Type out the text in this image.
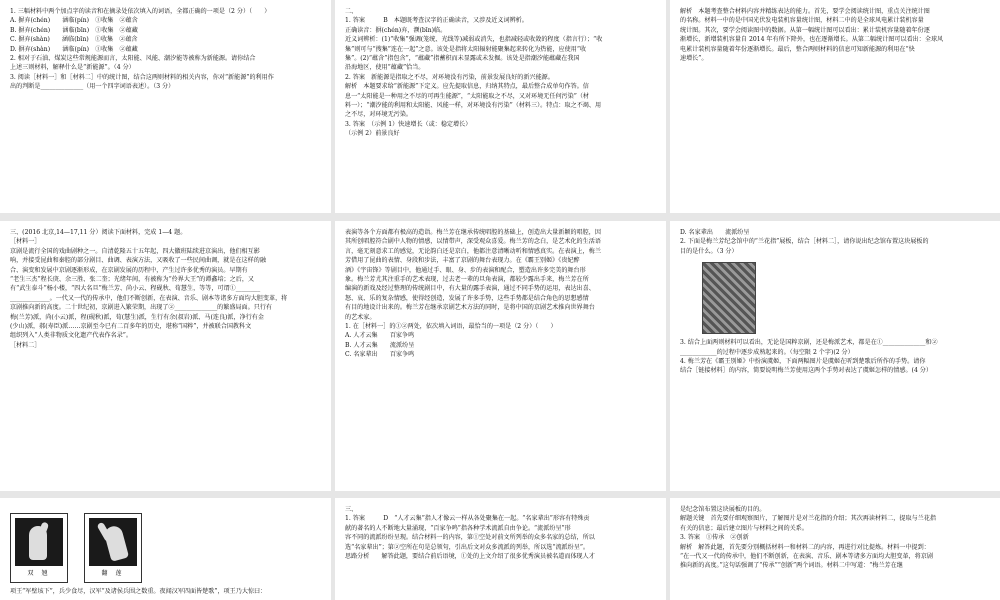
1. 三幅材料中两个加点字的读音和在摘录处依次填入的词语，全都正确的一项是（2 分）（　　）

A. 摒弃(chén)　　涵临(pín)　①收集　②蕴含

B. 摒弃(chén)　　涵临(bīn)　①收集　②蕴藏

C. 摒弃(shàn)　　涵临(bīn)　①收集　②蕴含

D. 摒弃(shàn)　　涵临(pín)　①收集　②蕴藏

2. 相对于石油、煤炭这些常规能源而言，太阳能、风能、潮汐能等被称为新能源。请你结合

上述三则材料，解释什么是“新能源”。（4 分）

3. 阅读［材料一］和［材料二］中的统计图，结合这两则材料的相关内容，你对“新能源”的利用作

出的判断是______________（用一个四字词语表述）。（3 分）

二、

1. 答案　　　B　本题既考查汉字的正确读音，又涉及近义词辨析。

正确读音：摒(chén)弃，濒(bīn)临。

近义词辨析：(1)“收集”强调(笼统、光线等)减弱或消失，也指减轻或收敛的程度（指言行）；“收

集”则可与“搜集”连在一起”之意。该处是指将太阳辐射能聚集起来转化为热能，应使用“收

集”。(2)“蕴含”指包含”，“蕴藏”指蓄积而未显露或未发掘。该处是指潮汐能蕴藏在我国

沿海地区，使用“蕴藏”恰当。

2. 答案　新能源是指取之不尽，对环境没有污染，前景发展良好的新兴能源。

解析　本题要求给“新能源”下定义。应先提取信息，归纳其特点，最后整合成单句作答。信

息一“太阳能是一种用之不尽的可再生能源”，“太阳能取之不尽，又对环境无任何污染”（材

料一）；“潮汐能的利用和太阳能、风能一样，对环境没有污染”（材料三）。特点：取之不竭、用

之不尽，对环境无污染。

3. 答案　（示例 1）快速增长（或：稳定增长）

（示例 2）前景良好

解析　本题考查整合材料内容并精练表达的能力。首先，要学会阅读统计图，重点关注统计图

的名称。材料一中的是中国光伏发电装机容量统计图，材料二中的是全球风电累计装机容量

统计图。其次，要学会阅读图中的数据。从第一幅统计图可以看出：累计装机容量随着年份逐

渐增长，新增装机容量自 2014 年有所下降外，也在逐渐增长。从第二幅统计图可以看出：全球风

电累计装机容量随着年份逐渐增长。最后，整合两则材料的信息可知新能源的利用在“快

速增长”。

三、(2016 北京,14—17,11 分）阅读下面材料，完成 1—4 题。

［材料一］

京剧是流行全国的戏曲剧种之一。自清乾隆五十五年起，四大徽班陆续进京演出，他们相互影

响，并接受昆曲和秦腔的部分剧目、曲调、表演方法，又吸收了一些民间曲调，就是在这样的融

合、演变和发展中京剧逐渐形成，在京剧发展的历程中，产生过许多优秀的演员。早期有

“老生三杰”程长庚、余三胜、张二奎；光绪年间，有被称为“伶界大王”的谭鑫培；之后，又

有“武生泰斗”杨小楼，“四大名旦”梅兰芳、尚小云、程砚秋、荀慧生，等等，可谓①________

_____________。一代又一代的传承中，他们不断创新，在表演、音乐、剧本等诸多方面均大胆变革，将

京剧推向新的高度。二十世纪初，京剧进入繁荣期，出现了②______________的繁盛局面。只行有

梅(兰芳)派，尚(小云)派，程(砚秋)派，荀(慧生)派，生行有余(叔岩)派、马(连良)派，净行有金

(少山)派，郝(寿臣)派……京剧至今已有二百多年的历史，堪称“国粹”，并被联合国教科文

组织列入“人类非物质文化遗产代表作名录”。

［材料二］

表演等各个方面都有极高的造诣。梅兰芳在继承传统唱腔的基础上，创造出大量新颖的唱腔，因

其所创唱腔符合剧中人物的情感，以情带声，深受观众喜爱。梅兰芳的念白，是艺术化的生活语

言，毫无刻意求工的感觉，无论韵白还是京白，他都注意清晰动听和情感真实。在表演上，梅兰

芳借用了昆曲的表情、身段和步法，丰富了京剧的舞台表现力。在《霸王别姬》《贵妃醉

酒》《宇宙锋》等剧目中，他通过手、眼、身、步的表演和配合，塑造出许多完美的舞台形

象。梅兰芳尤其注重手的艺术表现，过去老一辈的旦角表演，都较少露出手来，梅兰芳在所

编演的新戏及经过整理的传统剧目中，有大量的露手表演，通过不同手势的运用，表达出喜、

怒、哀、乐的复杂情感，使得经创造，发展了许多手势，这些手势都是结合角色的思想感情

有目的地设计出来的。梅兰芳在继承京剧艺术方法的同时，是将中国的京剧艺术推向世界舞台

的艺术家。

1. 在［材料一］的①②两处，依次填入词语，最恰当的一项是（2 分）（　　）

A. 人才云集　　百家争鸣

B. 人才云集　　流派纷呈

C. 名家辈出　　百家争鸣

D. 名家辈出　　流派纷呈

2. 下面是梅兰芳纪念馆中的“兰花指”展板，结合［材料二］，请你说出纪念馆布置这块展板的

目的是什么。（3 分）

3. 结合上面两则材料可以看出，无论是国粹京剧，还是梅派艺术，都是在①______________和②

____________的过程中逐步成熟起来的。（每空限 2 个字)(2 分）

4. 梅兰芳在《霸王别姬》中扮演虞姬，下面两幅图片是虞姬在听到楚歌后所作的手势。请你

结合［链接材料］的内容，简要说明梅兰芳使用这两个手势对表达了虞姬怎样的情感。(4 分）

双 翘	翻 莲

项王“军壁垓下”，兵少食尽，汉军“及诸侯兵围之数重。夜闻汉军四面皆楚歌”，项王乃大惊曰：

三、

1. 答案　　　D　“人才云集”指人才像云一样从各处聚集在一起。“名家辈出”形容有特殊贡

献的著名的人不断地大量涌现，“百家争鸣”指各种学术流派自由争论。“流派纷呈”形

容不同的流派纷纷呈现。结合材料一的内容，第①空处对前文所列举的众多名家的总结，所以

选“名家辈出”；第②空所在句是总领句，引出后文对众多流派的列举，所以选“流派纷呈”。

思路分析　　解答此题，要结合前后语境，①处的上文介绍了很多优秀演员被名道而体现人才

是纪念馆布置这块展板的目的。

解题关键　首先要仔细观察图片，了解图片是对兰花指的介绍；其次再读材料二，提取与兰花指

有关的信息；最后建立图片与材料之间的关系。

3. 答案　①传承　②创新

解析　解答此题，首先要分别概括材料一和材料二的内容，再进行对比提炼。材料一中提到：

“在一代又一代的传承中，他们不断创新，在表演、音乐、剧本等诸多方面均大胆变革，将京剧

推向新的高度。”这句话强调了“传承”“创新”两个词语。材料二中写道：“梅兰芳在继
